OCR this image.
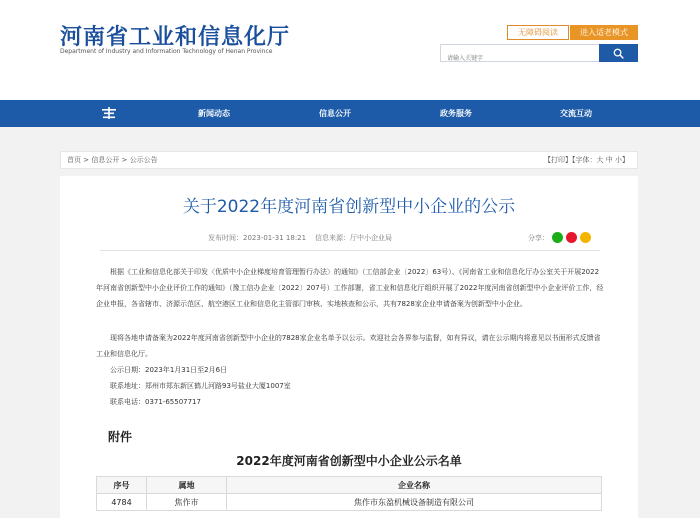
河南省工业和信息化厅
Department of Industry and Information Technology of Henan Province
无障碍阅读	进入适老模式
请输入关键字
新闻动态	信息公开	政务服务	交流互动
首页 > 信息公开 > 公示公告	【打印】【字体：大 中 小】
关于2022年度河南省创新型中小企业的公示
发布时间：2023-01-31 18:21 信息来源：厅中小企业局	分享：
根据《工业和信息化部关于印发〈优质中小企业梯度培育管理暂行办法〉的通知》（工信部企业〔2022〕63号）、《河南省工业和信息化厅办公室关于开展2022年河南省创新型中小企业评价工作的通知》（豫工信办企业〔2022〕207号）工作部署，省工业和信息化厅组织开展了2022年度河南省创新型中小企业评价工作，经企业申报，各省辖市、济源示范区、航空港区工业和信息化主管部门审核、实地核查和公示，共有7828家企业申请备案为创新型中小企业。
现将各地申请备案为2022年度河南省创新型中小企业的7828家企业名单予以公示。欢迎社会各界参与监督，如有异议，请在公示期内将意见以书面形式反馈省工业和信息化厅。
公示日期：2023年1月31日至2月6日
联系地址：郑州市郑东新区鹤儿河路93号盐业大厦1007室
联系电话：0371-65507717
附件
2022年度河南省创新型中小企业公示名单
序号	属地	企业名称
4784	焦作市	焦作市东盈机械设备制造有限公司
